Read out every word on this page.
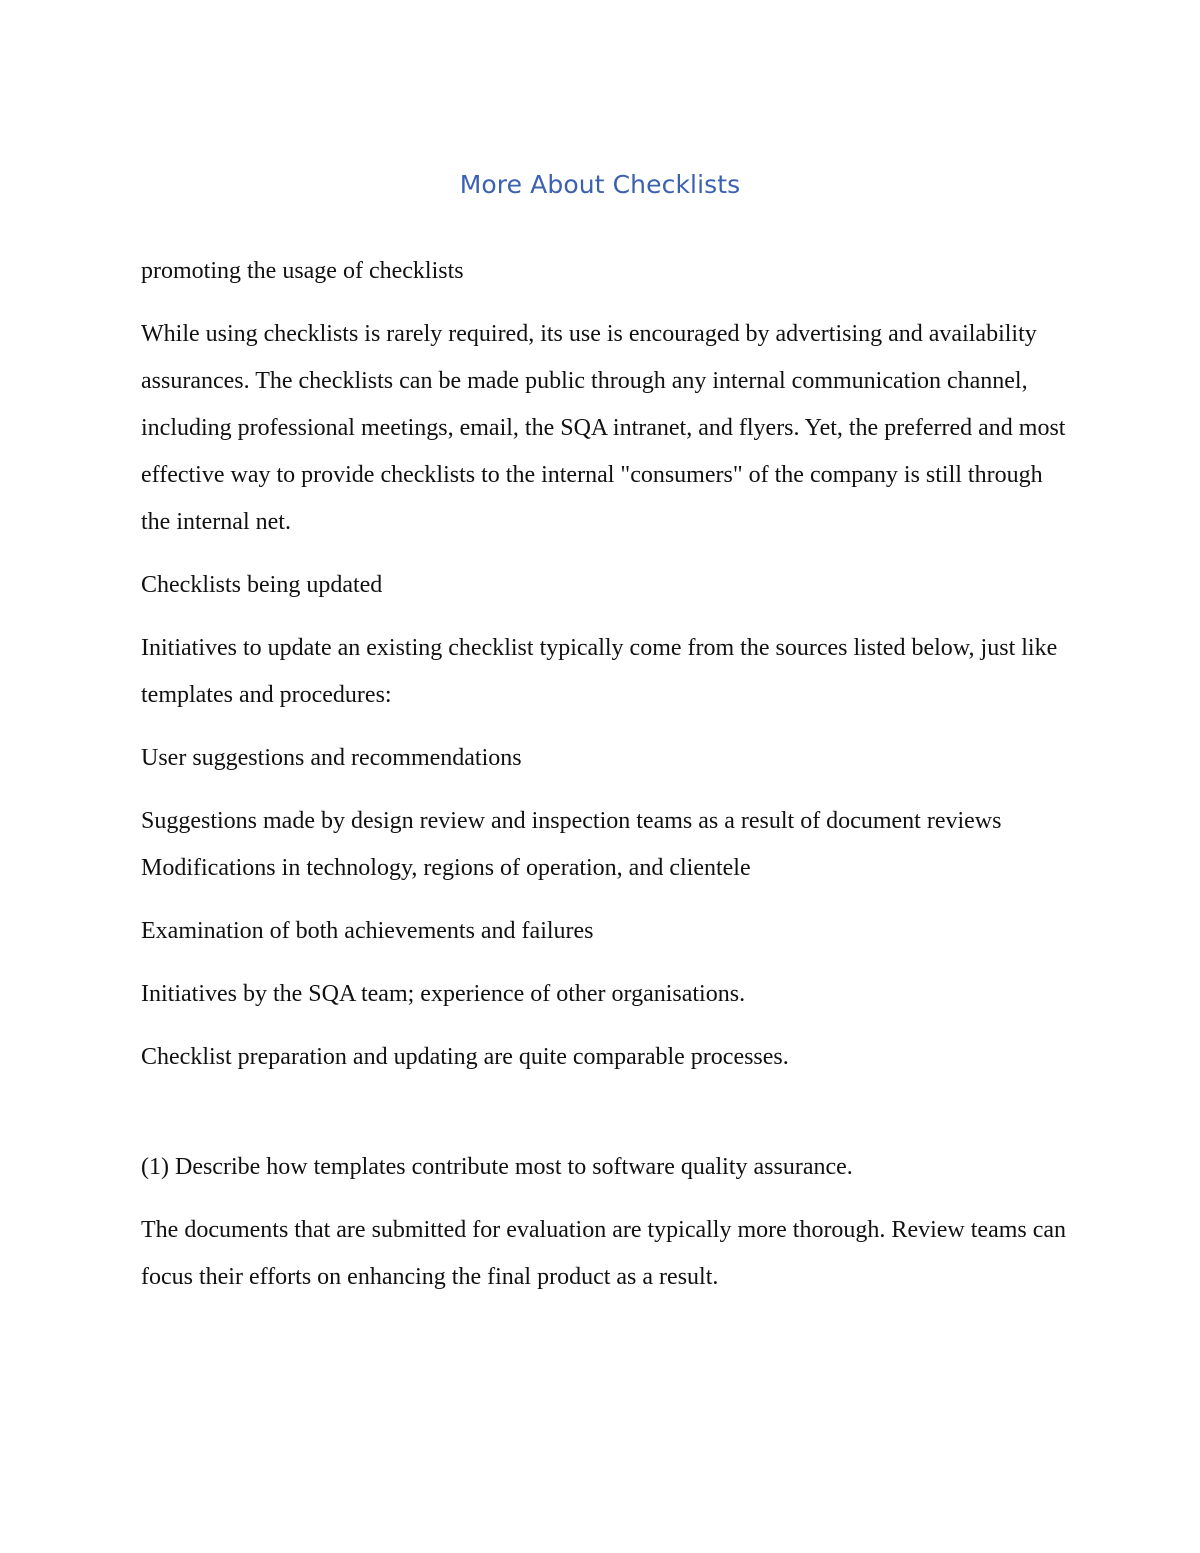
More About Checklists

promoting the usage of checklists

While using checklists is rarely required, its use is encouraged by advertising and availability assurances. The checklists can be made public through any internal communication channel, including professional meetings, email, the SQA intranet, and flyers. Yet, the preferred and most effective way to provide checklists to the internal "consumers" of the company is still through the internal net.

Checklists being updated

Initiatives to update an existing checklist typically come from the sources listed below, just like templates and procedures:

User suggestions and recommendations

Suggestions made by design review and inspection teams as a result of document reviews Modifications in technology, regions of operation, and clientele

Examination of both achievements and failures

Initiatives by the SQA team; experience of other organisations.

Checklist preparation and updating are quite comparable processes.

(1) Describe how templates contribute most to software quality assurance.

The documents that are submitted for evaluation are typically more thorough. Review teams can focus their efforts on enhancing the final product as a result.
